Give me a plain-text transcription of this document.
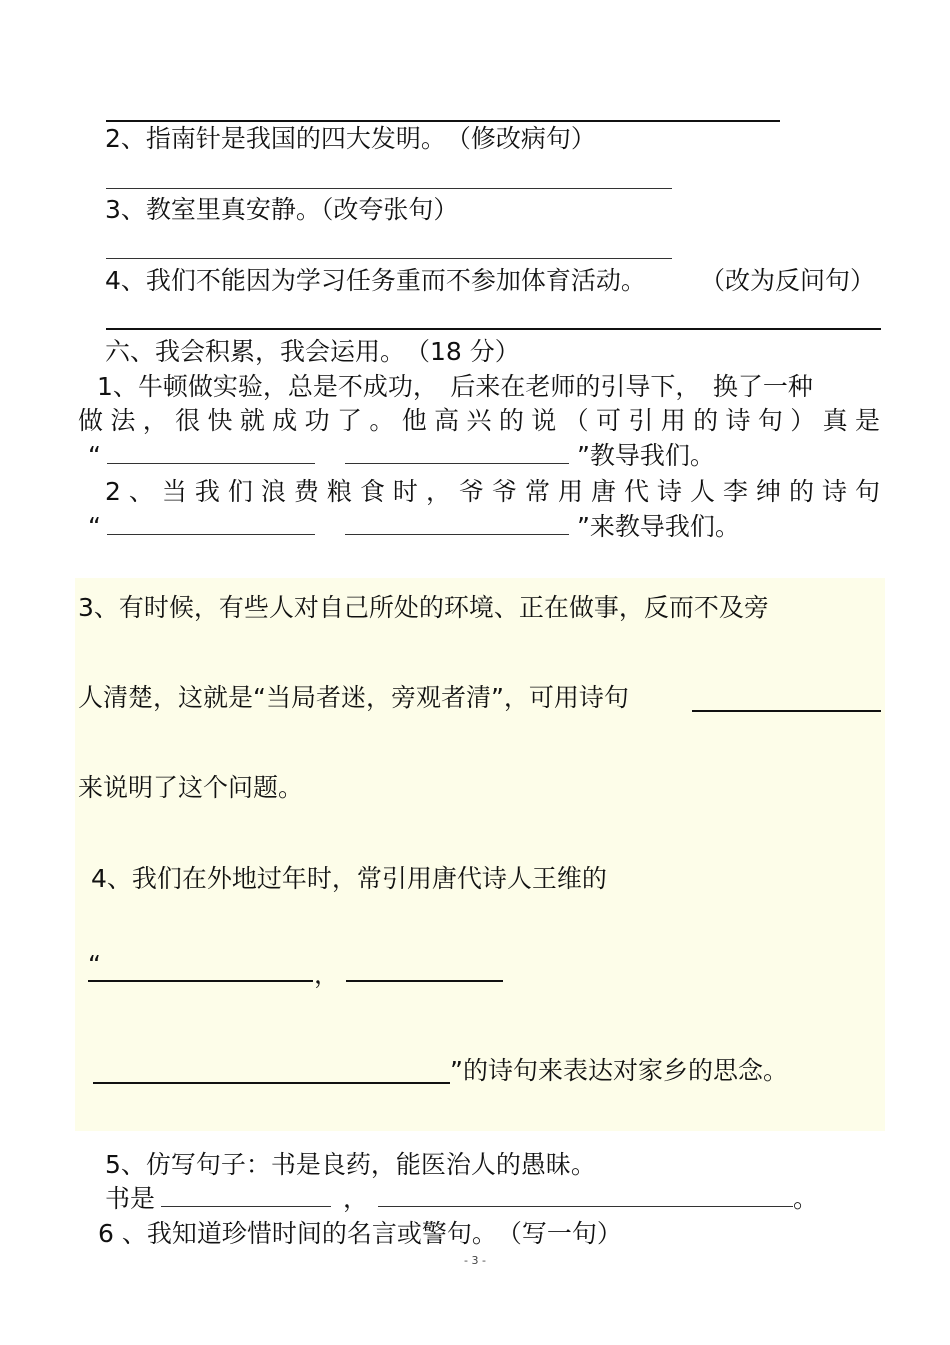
2、指南针是我国的四大发明。　（修改病句）
3、教室里真安静。（改夸张句）
4、我们不能因为学习任务重而不参加体育活动。 （改为反问句）
六、我会积累，我会运用。　（18 分）
1、牛顿做实验，总是不成功，　后来在老师的引导下，　换了一种
做法，很快就成功了。他高兴的说（可引用的诗句）真是
“	”教导我们。
2、当我们浪费粮食时，爷爷常用唐代诗人李绅的诗句
“	”来教导我们。
3、有时候，有些人对自己所处的环境、正在做事，反而不及旁
人清楚，这就是“当局者迷，旁观者清”，可用诗句
来说明了这个问题。
4、我们在外地过年时，常引用唐代诗人王维的
“	，
”的诗句来表达对家乡的思念。
5、仿写句子：书是良药，能医治人的愚昧。
书是	，	。
6 、我知道珍惜时间的名言或警句。　（写一句）
- 3 -
